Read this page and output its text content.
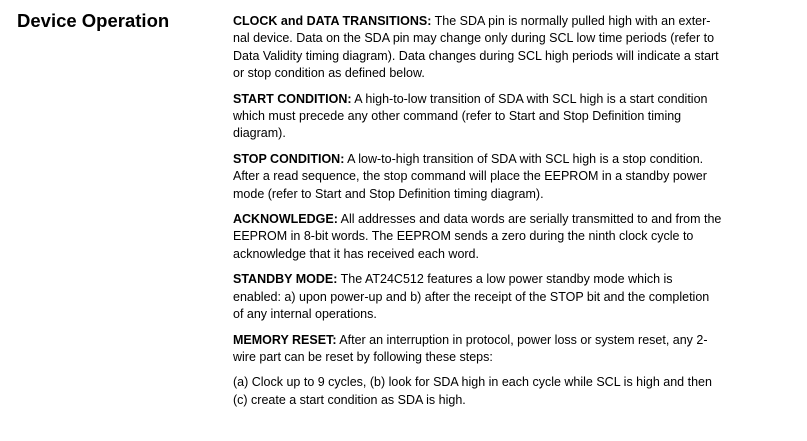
Device Operation	CLOCK and DATA TRANSITIONS: The SDA pin is normally pulled high with an exter-
nal device. Data on the SDA pin may change only during SCL low time periods (refer to
Data Validity timing diagram). Data changes during SCL high periods will indicate a start
or stop condition as defined below.

START CONDITION: A high-to-low transition of SDA with SCL high is a start condition
which must precede any other command (refer to Start and Stop Definition timing
diagram).

STOP CONDITION: A low-to-high transition of SDA with SCL high is a stop condition.
After a read sequence, the stop command will place the EEPROM in a standby power
mode (refer to Start and Stop Definition timing diagram).

ACKNOWLEDGE: All addresses and data words are serially transmitted to and from the
EEPROM in 8-bit words. The EEPROM sends a zero during the ninth clock cycle to
acknowledge that it has received each word.

STANDBY MODE: The AT24C512 features a low power standby mode which is
enabled: a) upon power-up and b) after the receipt of the STOP bit and the completion
of any internal operations.

MEMORY RESET: After an interruption in protocol, power loss or system reset, any 2-
wire part can be reset by following these steps:

(a) Clock up to 9 cycles, (b) look for SDA high in each cycle while SCL is high and then
(c) create a start condition as SDA is high.
